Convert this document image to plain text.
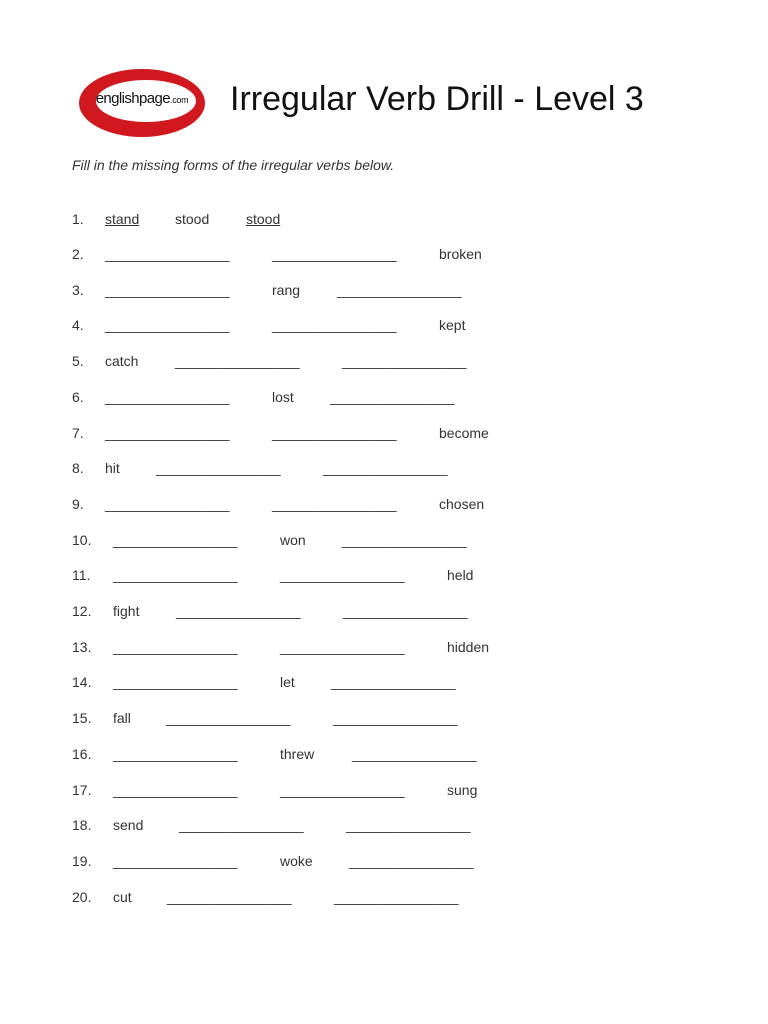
englishpage.com	Irregular Verb Drill - Level 3
Fill in the missing forms of the irregular verbs below.
1. stand	stood	stood
2. ________________	________________	broken
3. ________________	rang	________________
4. ________________	________________	kept
5. catch	________________	________________
6. ________________	lost	________________
7. ________________	________________	become
8. hit	________________	________________
9. ________________	________________	chosen
10. ________________	won	________________
11. ________________	________________	held
12. fight	________________	________________
13. ________________	________________	hidden
14. ________________	let	________________
15. fall	________________	________________
16. ________________	threw	________________
17. ________________	________________	sung
18. send	________________	________________
19. ________________	woke	________________
20. cut	________________	________________
